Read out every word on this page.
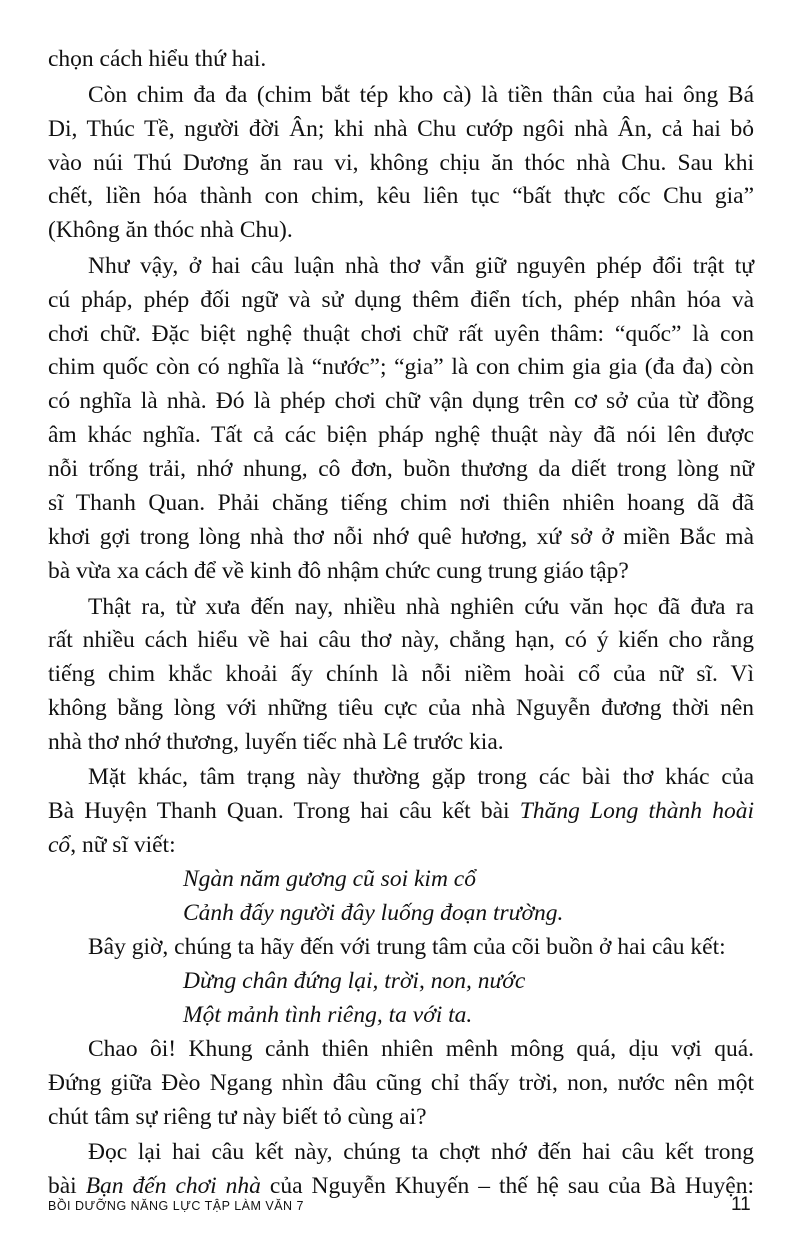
chọn cách hiểu thứ hai.
Còn chim đa đa (chim bắt tép kho cà) là tiền thân của hai ông Bá
Di, Thúc Tề, người đời Ân; khi nhà Chu cướp ngôi nhà Ân, cả hai bỏ
vào núi Thú Dương ăn rau vi, không chịu ăn thóc nhà Chu. Sau khi
chết, liền hóa thành con chim, kêu liên tục “bất thực cốc Chu gia”
(Không ăn thóc nhà Chu).
Như vậy, ở hai câu luận nhà thơ vẫn giữ nguyên phép đổi trật tự
cú pháp, phép đối ngữ và sử dụng thêm điển tích, phép nhân hóa và
chơi chữ. Đặc biệt nghệ thuật chơi chữ rất uyên thâm: “quốc” là con
chim quốc còn có nghĩa là “nước”; “gia” là con chim gia gia (đa đa) còn
có nghĩa là nhà. Đó là phép chơi chữ vận dụng trên cơ sở của từ đồng
âm khác nghĩa. Tất cả các biện pháp nghệ thuật này đã nói lên được
nỗi trống trải, nhớ nhung, cô đơn, buồn thương da diết trong lòng nữ
sĩ Thanh Quan. Phải chăng tiếng chim nơi thiên nhiên hoang dã đã
khơi gợi trong lòng nhà thơ nỗi nhớ quê hương, xứ sở ở miền Bắc mà
bà vừa xa cách để về kinh đô nhậm chức cung trung giáo tập?
Thật ra, từ xưa đến nay, nhiều nhà nghiên cứu văn học đã đưa ra
rất nhiều cách hiểu về hai câu thơ này, chẳng hạn, có ý kiến cho rằng
tiếng chim khắc khoải ấy chính là nỗi niềm hoài cổ của nữ sĩ. Vì
không bằng lòng với những tiêu cực của nhà Nguyễn đương thời nên
nhà thơ nhớ thương, luyến tiếc nhà Lê trước kia.
Mặt khác, tâm trạng này thường gặp trong các bài thơ khác của
Bà Huyện Thanh Quan. Trong hai câu kết bài Thăng Long thành hoài
cổ, nữ sĩ viết:
Ngàn năm gương cũ soi kim cổ
Cảnh đấy người đây luống đoạn trường.
Bây giờ, chúng ta hãy đến với trung tâm của cõi buồn ở hai câu kết:
Dừng chân đứng lại, trời, non, nước
Một mảnh tình riêng, ta với ta.
Chao ôi! Khung cảnh thiên nhiên mênh mông quá, dịu vợi quá.
Đứng giữa Đèo Ngang nhìn đâu cũng chỉ thấy trời, non, nước nên một
chút tâm sự riêng tư này biết tỏ cùng ai?
Đọc lại hai câu kết này, chúng ta chợt nhớ đến hai câu kết trong
bài Bạn đến chơi nhà của Nguyễn Khuyến – thế hệ sau của Bà Huyện:
BỒI DƯỠNG NĂNG LỰC TẬP LÀM VĂN 7	11
